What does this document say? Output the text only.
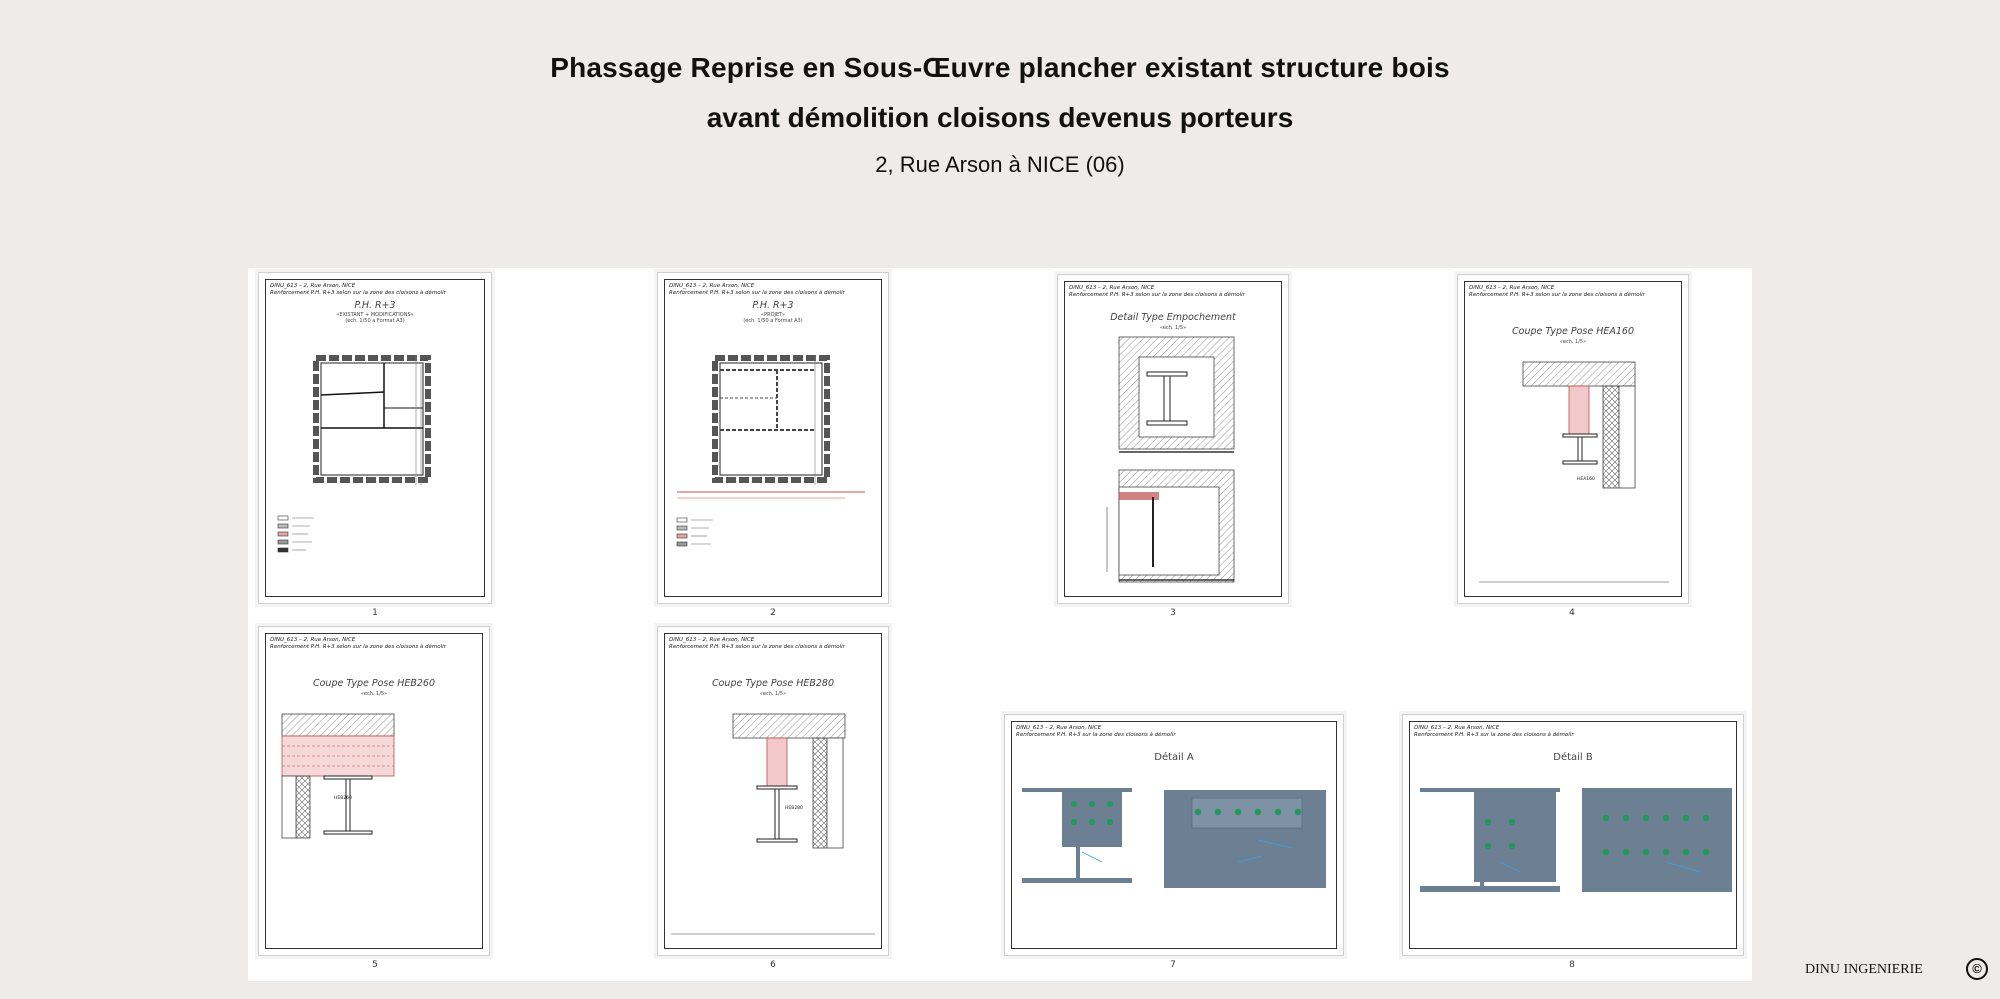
Phassage Reprise en Sous-Œuvre plancher existant structure bois
avant démolition cloisons devenus porteurs
2, Rue Arson à NICE (06)
DINU_613 – 2, Rue Arson, NICE
Renforcement P.H. R+3 selon sur la zone des cloisons à démolir
P.H. R+3
«EXISTANT + MODIFICATIONS»
(ech. 1/50 a Format A3)
1
DINU_613 – 2, Rue Arson, NICE
Renforcement P.H. R+3 selon sur la zone des cloisons à démolir
P.H. R+3
«PROJET»
(ech. 1/50 a Format A3)
2
DINU_613 – 2, Rue Arson, NICE
Renforcement P.H. R+3 selon sur la zone des cloisons à démolir
Detail Type Empochement
«ech. 1/5»
3
DINU_613 – 2, Rue Arson, NICE
Renforcement P.H. R+3 selon sur la zone des cloisons à démolir
Coupe Type Pose HEA160
«ech. 1/5»
HEA160
4
DINU_613 – 2, Rue Arson, NICE
Renforcement P.H. R+3 selon sur la zone des cloisons à démolir
Coupe Type Pose HEB260
«ech. 1/5»
HEB260
5
DINU_613 – 2, Rue Arson, NICE
Renforcement P.H. R+3 selon sur la zone des cloisons à démolir
Coupe Type Pose HEB280
«ech. 1/5»
HEB280
6
DINU_613 – 2, Rue Arson, NICE
Renforcement P.H. R+3 sur la zone des cloisons à démolir
Détail A
7
DINU_613 – 2, Rue Arson, NICE
Renforcement P.H. R+3 sur la zone des cloisons à démolir
Détail B
8	DINU INGENIERIE	©
